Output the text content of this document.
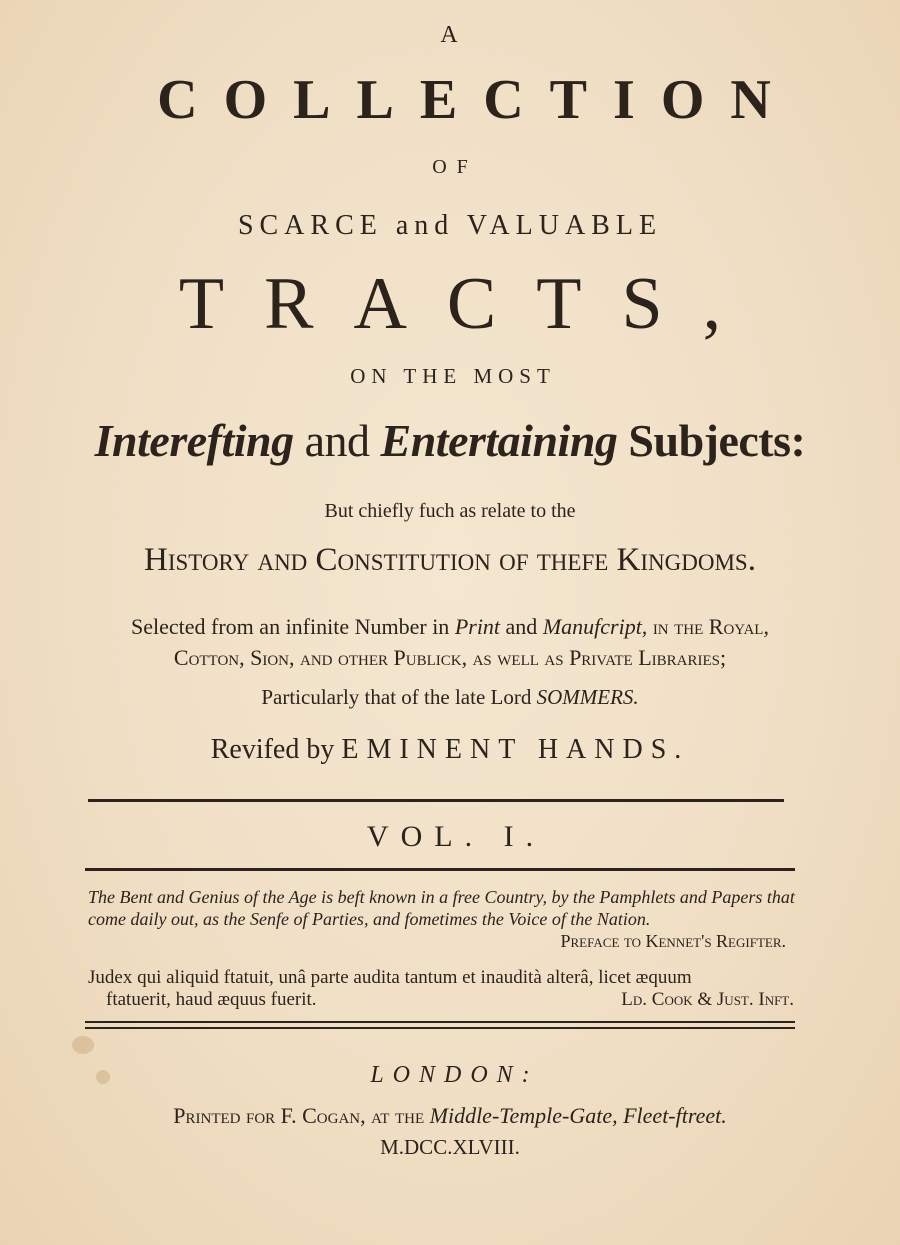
A
COLLECTION
OF
SCARCE and VALUABLE
TRACTS,
ON THE MOST
Interefting and Entertaining Subjects:
But chiefly fuch as relate to the
History and Constitution of thefe Kingdoms.
Selected from an infinite Number in Print and Manufcript, in the Royal,
Cotton, Sion, and other Publick, as well as Private Libraries;
Particularly that of the late Lord SOMMERS.
Revifed by EMINENT HANDS.
VOL. I.
The Bent and Genius of the Age is beft known in a free Country, by the Pamphlets and Papers that come daily out, as the Senfe of Parties, and fometimes the Voice of the Nation.
Preface to Kennet's Regifter.
Judex qui aliquid ftatuit, unâ parte audita tantum et inaudità alterâ, licet æquum
ftatuerit, haud æquus fuerit.	Ld. Cook & Just. Inft.
LONDON:
Printed for F. Cogan, at the Middle-Temple-Gate, Fleet-ftreet.
M.DCC.XLVIII.
